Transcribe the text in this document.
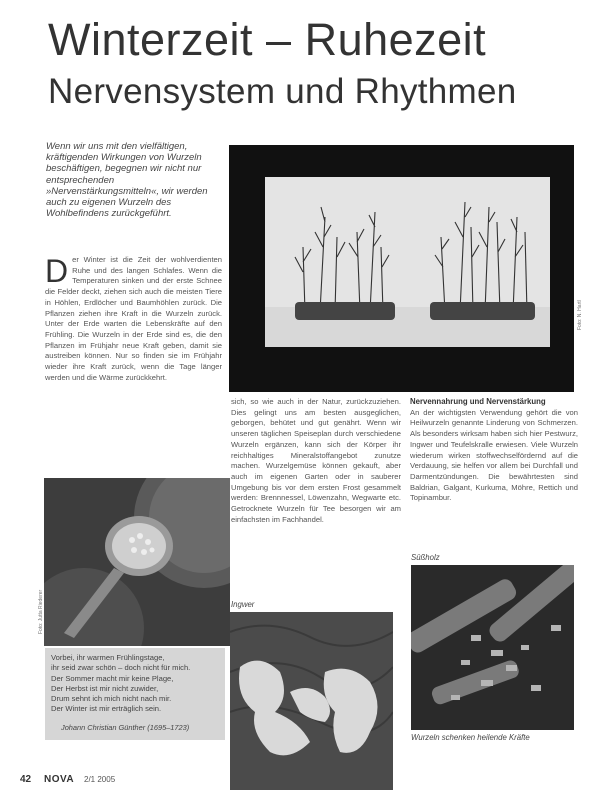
Winterzeit – Ruhezeit
Nervensystem und Rhythmen
Wenn wir uns mit den vielfältigen, kräftigenden Wirkungen von Wurzeln beschäftigen, begegnen wir nicht nur entsprechenden »Nervenstärkungsmitteln«, wir werden auch zu eigenen Wurzeln des Wohlbefindens zurückgeführt.
Foto: N. Hartl
D er Winter ist die Zeit der wohlverdienten Ruhe und des langen Schlafes. Wenn die Temperaturen sinken und der erste Schnee die Felder deckt, ziehen sich auch die meisten Tiere in Höhlen, Erdlöcher und Baumhöhlen zurück. Die Pflanzen ziehen ihre Kraft in die Wurzeln zurück. Unter der Erde warten die Lebenskräfte auf den Frühling. Die Wurzeln in der Erde sind es, die den Pflanzen im Frühjahr neue Kraft geben, damit sie austreiben können. Nur so finden sie im Frühjahr wieder ihre Kraft zurück, wenn die Tage länger werden und die Wärme zurückkehrt.

sich, so wie auch in der Natur, zurückzuziehen. Dies gelingt uns am besten ausgeglichen, geborgen, behütet und gut genährt. Wenn wir unseren täglichen Speiseplan durch verschiedene Wurzeln ergänzen, kann sich der Körper ihr reichhaltiges Mineralstoffangebot zunutze machen. Wurzelgemüse können gekauft, aber auch im eigenen Garten oder in sauberer Umgebung bis vor dem ersten Frost gesammelt werden: Brennnessel, Löwenzahn, Wegwarte etc. Getrocknete Wurzeln für Tee besorgen wir am einfachsten im Fachhandel.

Nervennahrung und Nervenstärkung

An der wichtigsten Verwendung gehört die von Heilwurzeln genannte Linderung von Schmerzen. Als besonders wirksam haben sich hier Pestwurz, Ingwer und Teufelskralle erwiesen. Viele Wurzeln wiederum wirken stoffwechselfördernd auf die Verdauung, sie helfen vor allem bei Durchfall und Darmentzündungen. Die bewährtesten sind Baldrian, Galgant, Kurkuma, Möhre, Rettich und Topinambur.

Foto: Jutta Riederer
Vorbei, ihr warmen Frühlingstage,
ihr seid zwar schön – doch nicht für mich.
Der Sommer macht mir keine Plage,
Der Herbst ist mir nicht zuwider,
Drum sehnt ich mich nicht nach mir.
Der Winter ist mir erträglich sein.
Johann Christian Günther (1695–1723)
Ingwer
Süßholz
Wurzeln schenken heilende Kräfte
42 NOVA 2/1 2005
